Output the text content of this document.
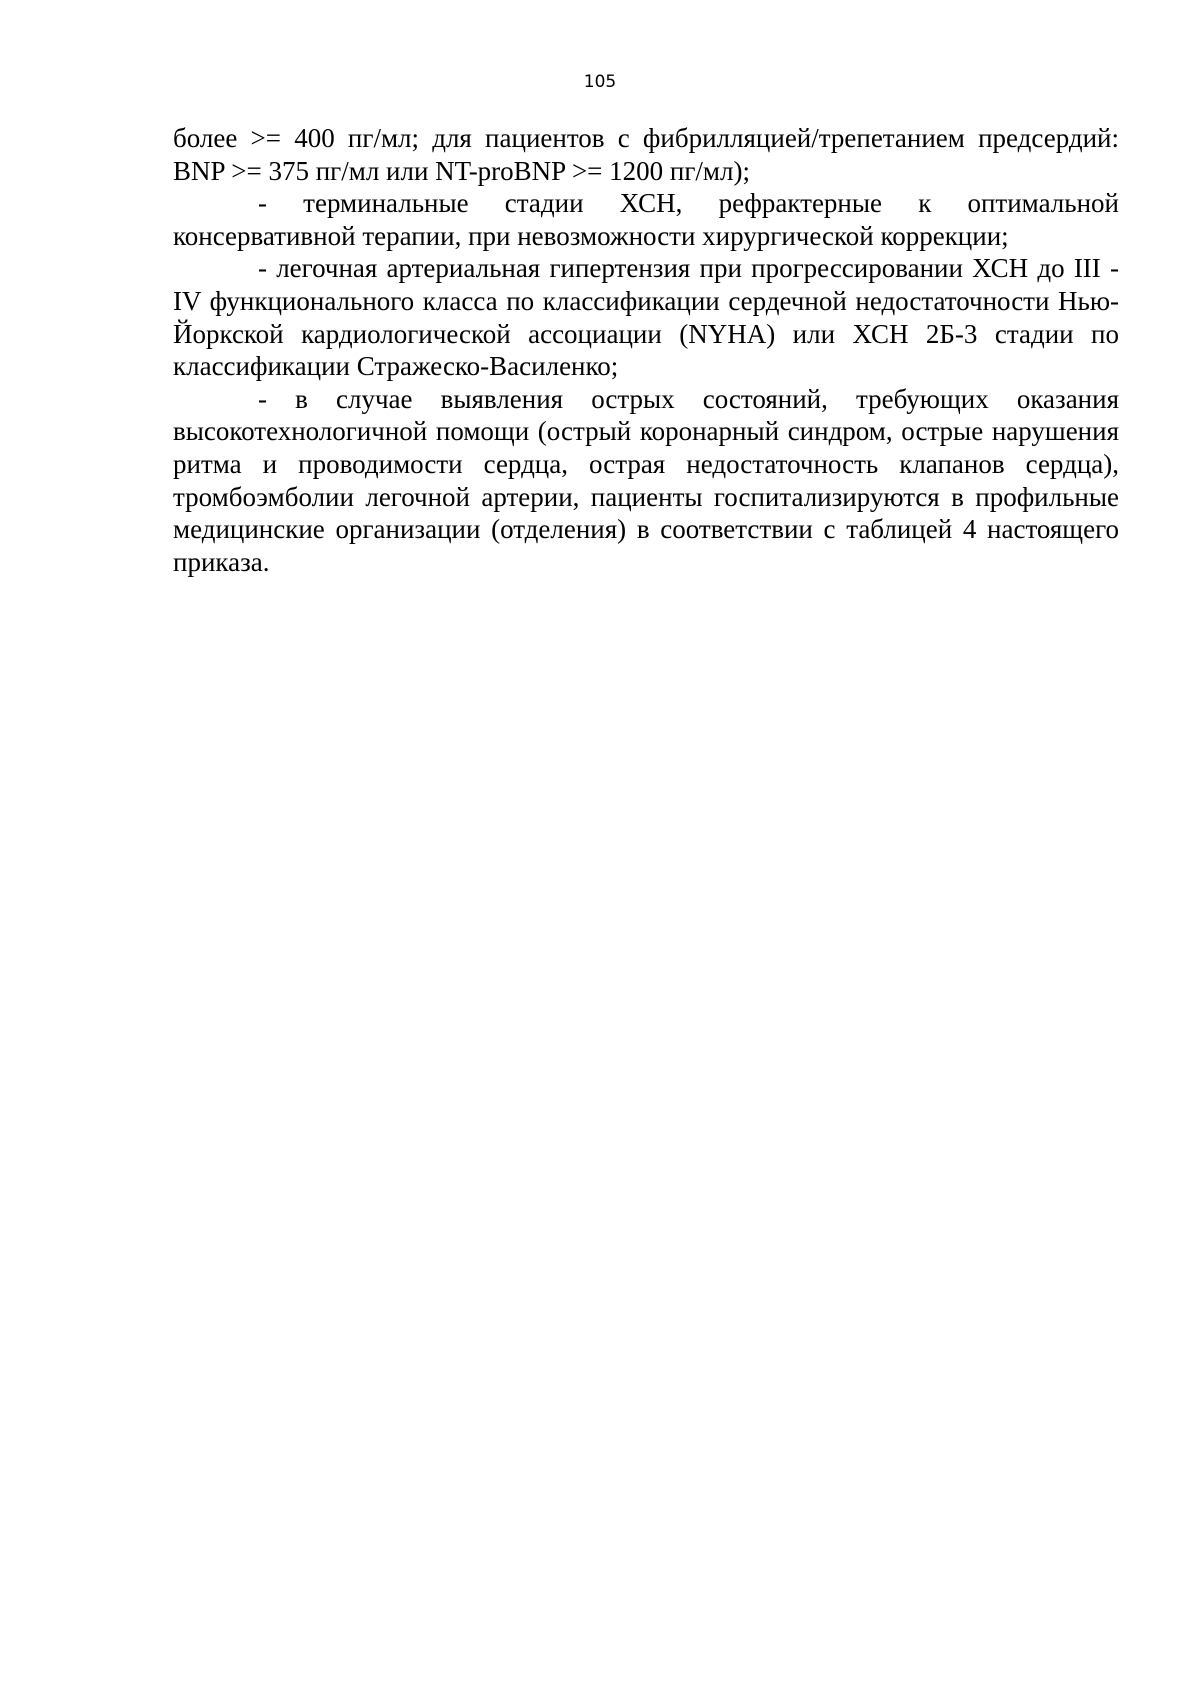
105

более >= 400 пг/мл; для пациентов с фибрилляцией/трепетанием предсердий: BNP >= 375 пг/мл или NT-proBNP >= 1200 пг/мл);

- терминальные стадии ХСН, рефрактерные к оптимальной консервативной терапии, при невозможности хирургической коррекции;

- легочная артериальная гипертензия при прогрессировании ХСН до III - IV функционального класса по классификации сердечной недостаточности Нью-Йоркской кардиологической ассоциации (NYHA) или ХСН 2Б-3 стадии по классификации Стражеско-Василенко;

- в случае выявления острых состояний, требующих оказания высокотехнологичной помощи (острый коронарный синдром, острые нарушения ритма и проводимости сердца, острая недостаточность клапанов сердца), тромбоэмболии легочной артерии, пациенты госпитализируются в профильные медицинские организации (отделения) в соответствии с таблицей 4 настоящего приказа.
